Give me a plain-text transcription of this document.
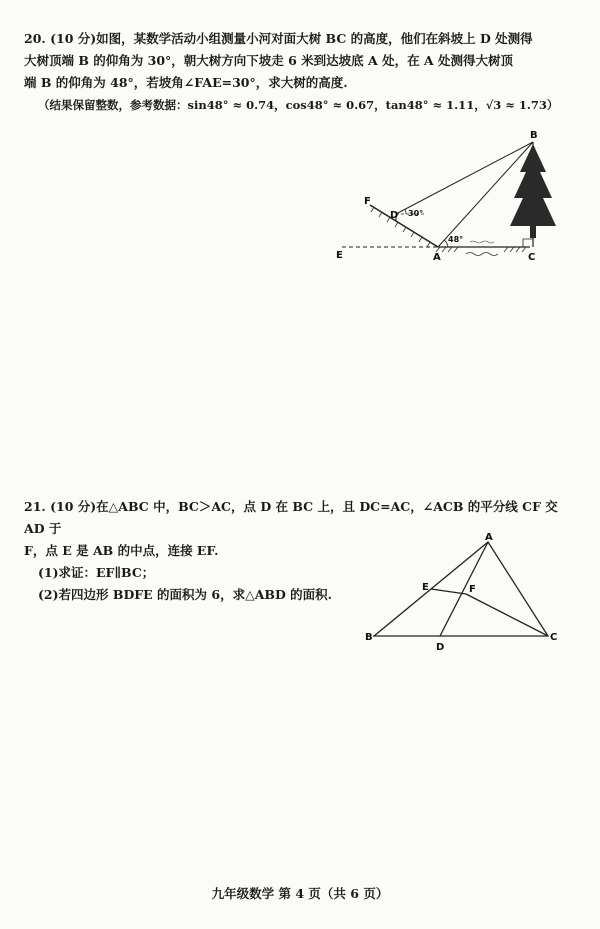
20. (10 分)如图，某数学活动小组测量小河对面大树 BC 的高度，他们在斜坡上 D 处测得

大树顶端 B 的仰角为 30°，朝大树方向下坡走 6 米到达坡底 A 处，在 A 处测得大树顶

端 B 的仰角为 48°，若坡角∠FAE=30°，求大树的高度.

（结果保留整数，参考数据：sin48° ≈ 0.74，cos48° ≈ 0.67，tan48° ≈ 1.11，√3 ≈ 1.73）

B
F
D 30°
48°
E	A	C

21. (10 分)在△ABC 中，BC＞AC，点 D 在 BC 上，且 DC=AC，∠ACB 的平分线 CF 交 AD 于

F，点 E 是 AB 的中点，连接 EF.

(1)求证：EF∥BC；

(2)若四边形 BDFE 的面积为 6，求△ABD 的面积.

A
B	C
D
E	F
九年级数学 第 4 页（共 6 页）
